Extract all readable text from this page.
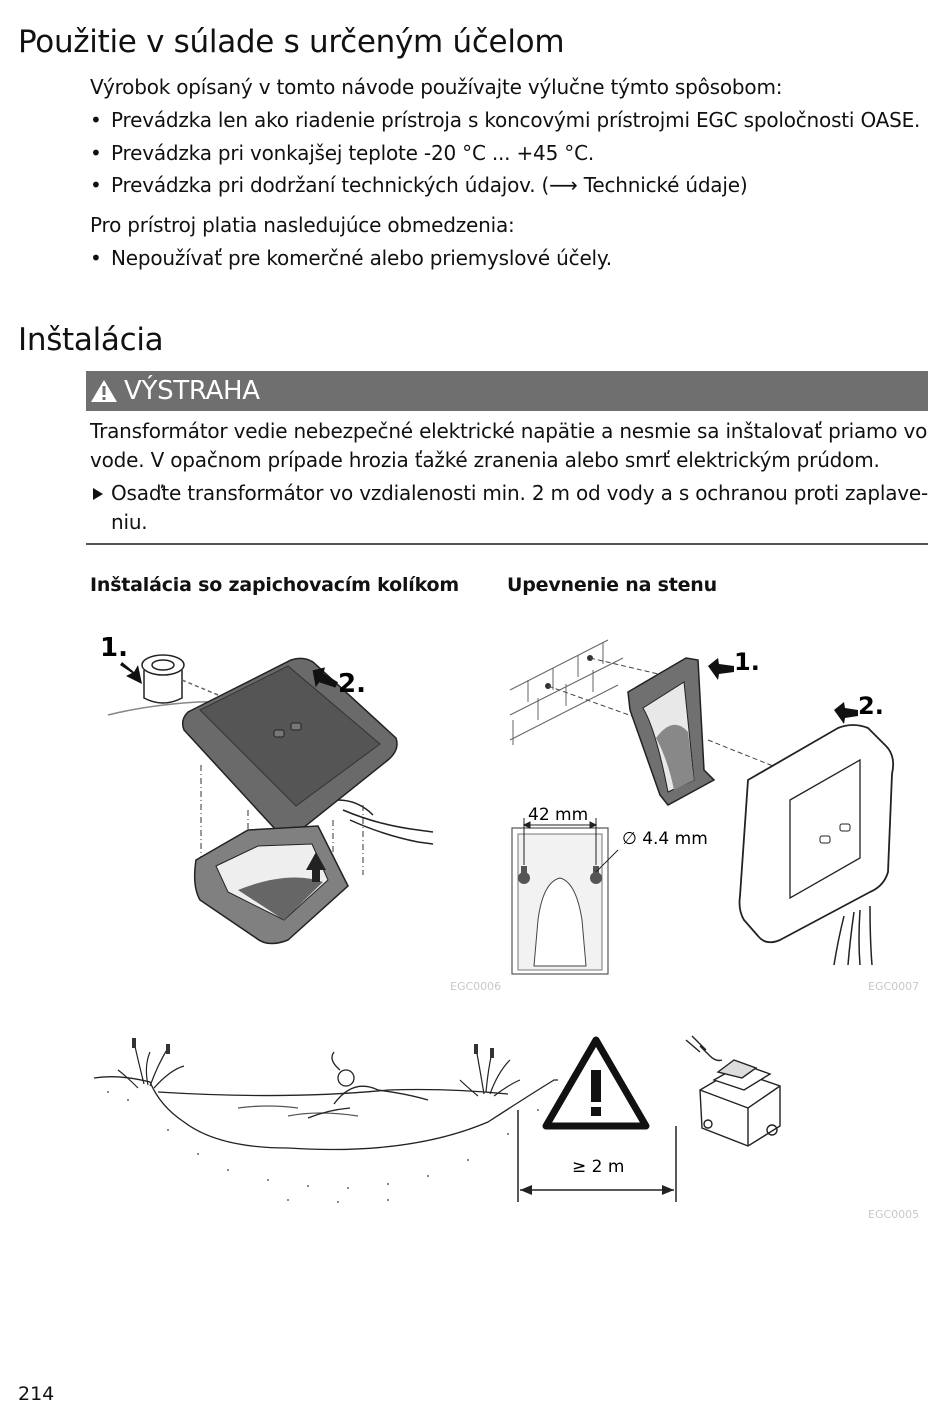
Použitie v súlade s určeným účelom

Výrobok opísaný v tomto návode používajte výlučne týmto spôsobom:

• Prevádzka len ako riadenie prístroja s koncovými prístrojmi EGC spoločnosti OASE.
• Prevádzka pri vonkajšej teplote -20 °C ... +45 °C.
• Prevádzka pri dodržaní technických údajov. (⟶ Technické údaje)

Pro prístroj platia nasledujúce obmedzenia:

• Nepoužívať pre komerčné alebo priemyslové účely.
Inštalácia
VÝSTRAHA

Transformátor vedie nebezpečné elektrické napätie a nesmie sa inštalovať priamo vo vode. V opačnom prípade hrozia ťažké zranenia alebo smrť elektrickým prúdom.

Osaďte transformátor vo vzdialenosti min. 2 m od vody a s ochranou proti zaplave-
niu.
Inštalácia so zapichovacím kolíkom	Upevnenie na stenu
1.
2.
EGC0006
1.
2.
42 mm
∅ 4.4 mm
EGC0007
≥ 2 m
EGC0005
214
